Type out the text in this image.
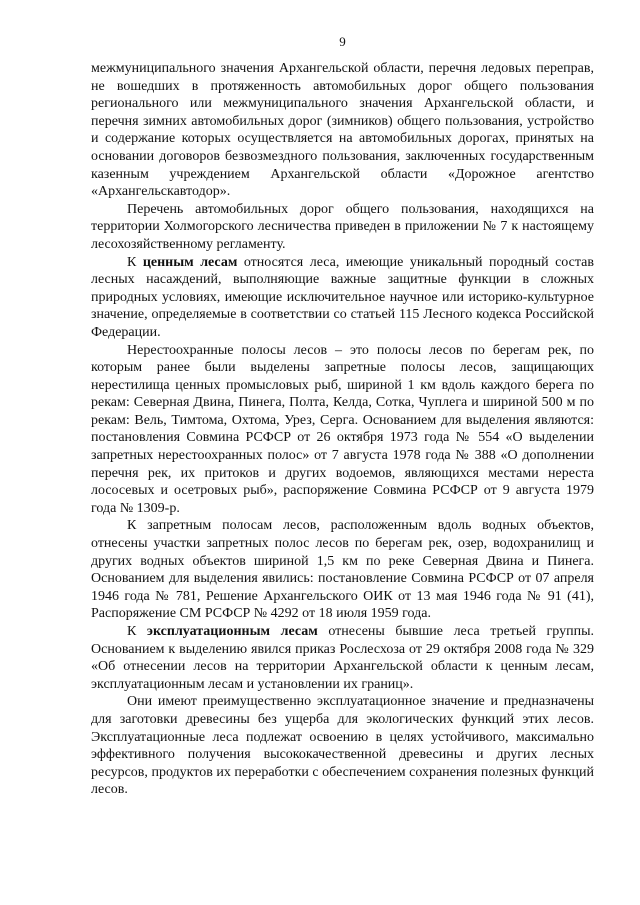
9

межмуниципального значения Архангельской области, перечня ледовых переправ, не вошедших в протяженность автомобильных дорог общего пользования регионального или межмуниципального значения Архангельской области, и перечня зимних автомобильных дорог (зимников) общего пользования, устройство и содержание которых осуществляется на автомобильных дорогах, принятых на основании договоров безвозмездного пользования, заключенных государственным казенным учреждением Архангельской области «Дорожное агентство «Архангельскавтодор».

Перечень автомобильных дорог общего пользования, находящихся на территории Холмогорского лесничества приведен в приложении № 7 к настоящему лесохозяйственному регламенту.

К ценным лесам относятся леса, имеющие уникальный породный состав лесных насаждений, выполняющие важные защитные функции в сложных природных условиях, имеющие исключительное научное или историко-культурное значение, определяемые в соответствии со статьей 115 Лесного кодекса Российской Федерации.

Нерестоохранные полосы лесов – это полосы лесов по берегам рек, по которым ранее были выделены запретные полосы лесов, защищающих нерестилища ценных промысловых рыб, шириной 1 км вдоль каждого берега по рекам: Северная Двина, Пинега, Полта, Келда, Сотка, Чуплега и шириной 500 м по рекам: Вель, Тимтома, Охтома, Урез, Серга. Основанием для выделения являются: постановления Совмина РСФСР от 26 октября 1973 года № 554 «О выделении запретных нерестоохранных полос» от 7 августа 1978 года № 388 «О дополнении перечня рек, их притоков и других водоемов, являющихся местами нереста лососевых и осетровых рыб», распоряжение Совмина РСФСР от 9 августа 1979 года № 1309-р.

К запретным полосам лесов, расположенным вдоль водных объектов, отнесены участки запретных полос лесов по берегам рек, озер, водохранилищ и других водных объектов шириной 1,5 км по реке Северная Двина и Пинега. Основанием для выделения явились: постановление Совмина РСФСР от 07 апреля 1946 года № 781, Решение Архангельского ОИК от 13 мая 1946 года № 91 (41), Распоряжение СМ РСФСР № 4292 от 18 июля 1959 года.

К эксплуатационным лесам отнесены бывшие леса третьей группы. Основанием к выделению явился приказ Рослесхоза от 29 октября 2008 года № 329 «Об отнесении лесов на территории Архангельской области к ценным лесам, эксплуатационным лесам и установлении их границ».

Они имеют преимущественно эксплуатационное значение и предназначены для заготовки древесины без ущерба для экологических функций этих лесов. Эксплуатационные леса подлежат освоению в целях устойчивого, максимально эффективного получения высококачественной древесины и других лесных ресурсов, продуктов их переработки с обеспечением сохранения полезных функций лесов.
